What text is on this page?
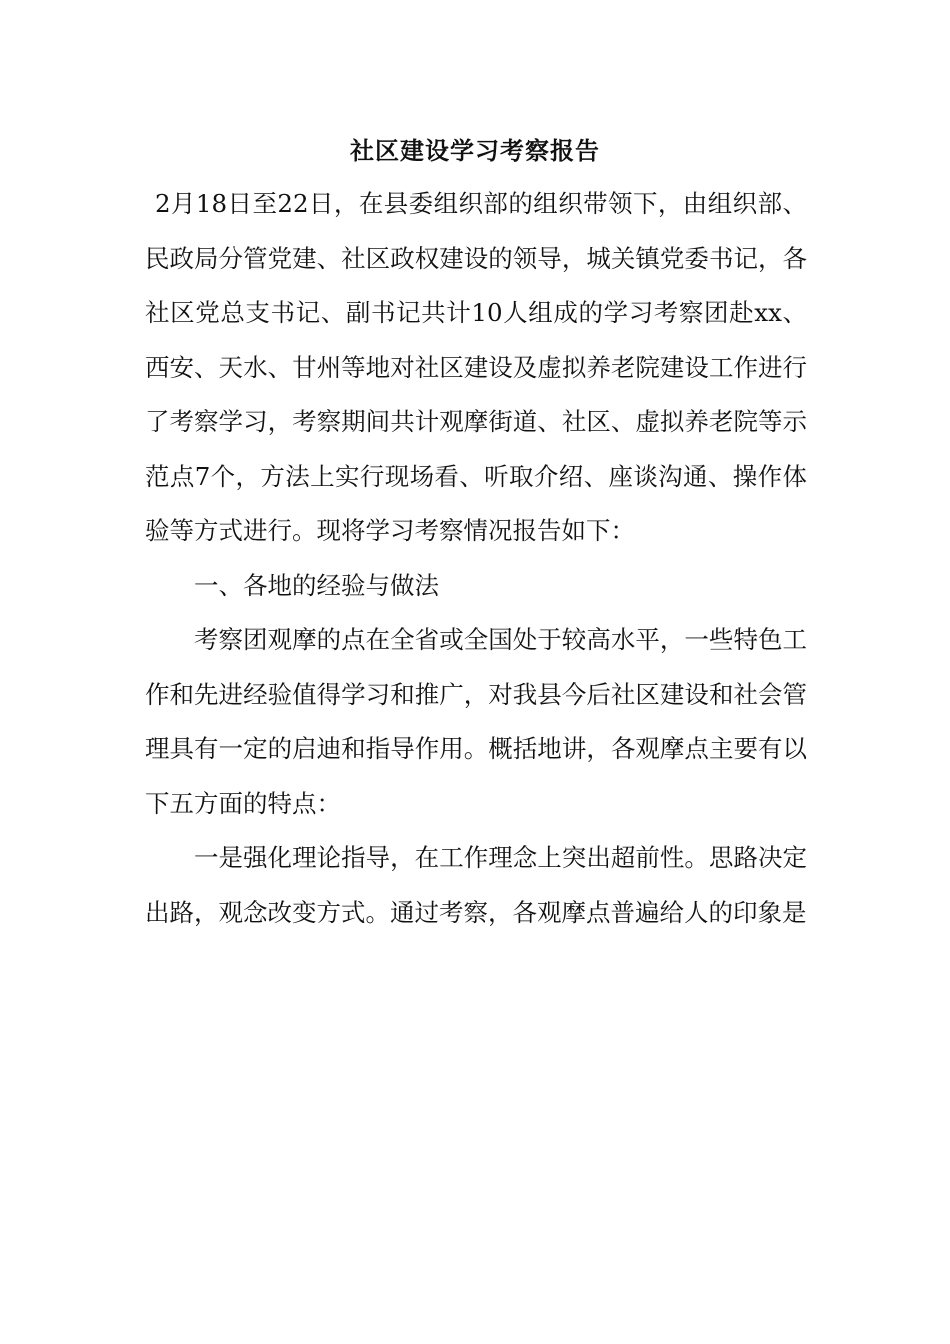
社区建设学习考察报告

2月18日至22日，在县委组织部的组织带领下，由组织部、民政局分管党建、社区政权建设的领导，城关镇党委书记，各社区党总支书记、副书记共计10人组成的学习考察团赴xx、西安、天水、甘州等地对社区建设及虚拟养老院建设工作进行了考察学习，考察期间共计观摩街道、社区、虚拟养老院等示范点7个，方法上实行现场看、听取介绍、座谈沟通、操作体验等方式进行。现将学习考察情况报告如下：

一、各地的经验与做法

考察团观摩的点在全省或全国处于较高水平，一些特色工作和先进经验值得学习和推广，对我县今后社区建设和社会管理具有一定的启迪和指导作用。概括地讲，各观摩点主要有以下五方面的特点：

一是强化理论指导，在工作理念上突出超前性。思路决定出路，观念改变方式。通过考察，各观摩点普遍给人的印象是
